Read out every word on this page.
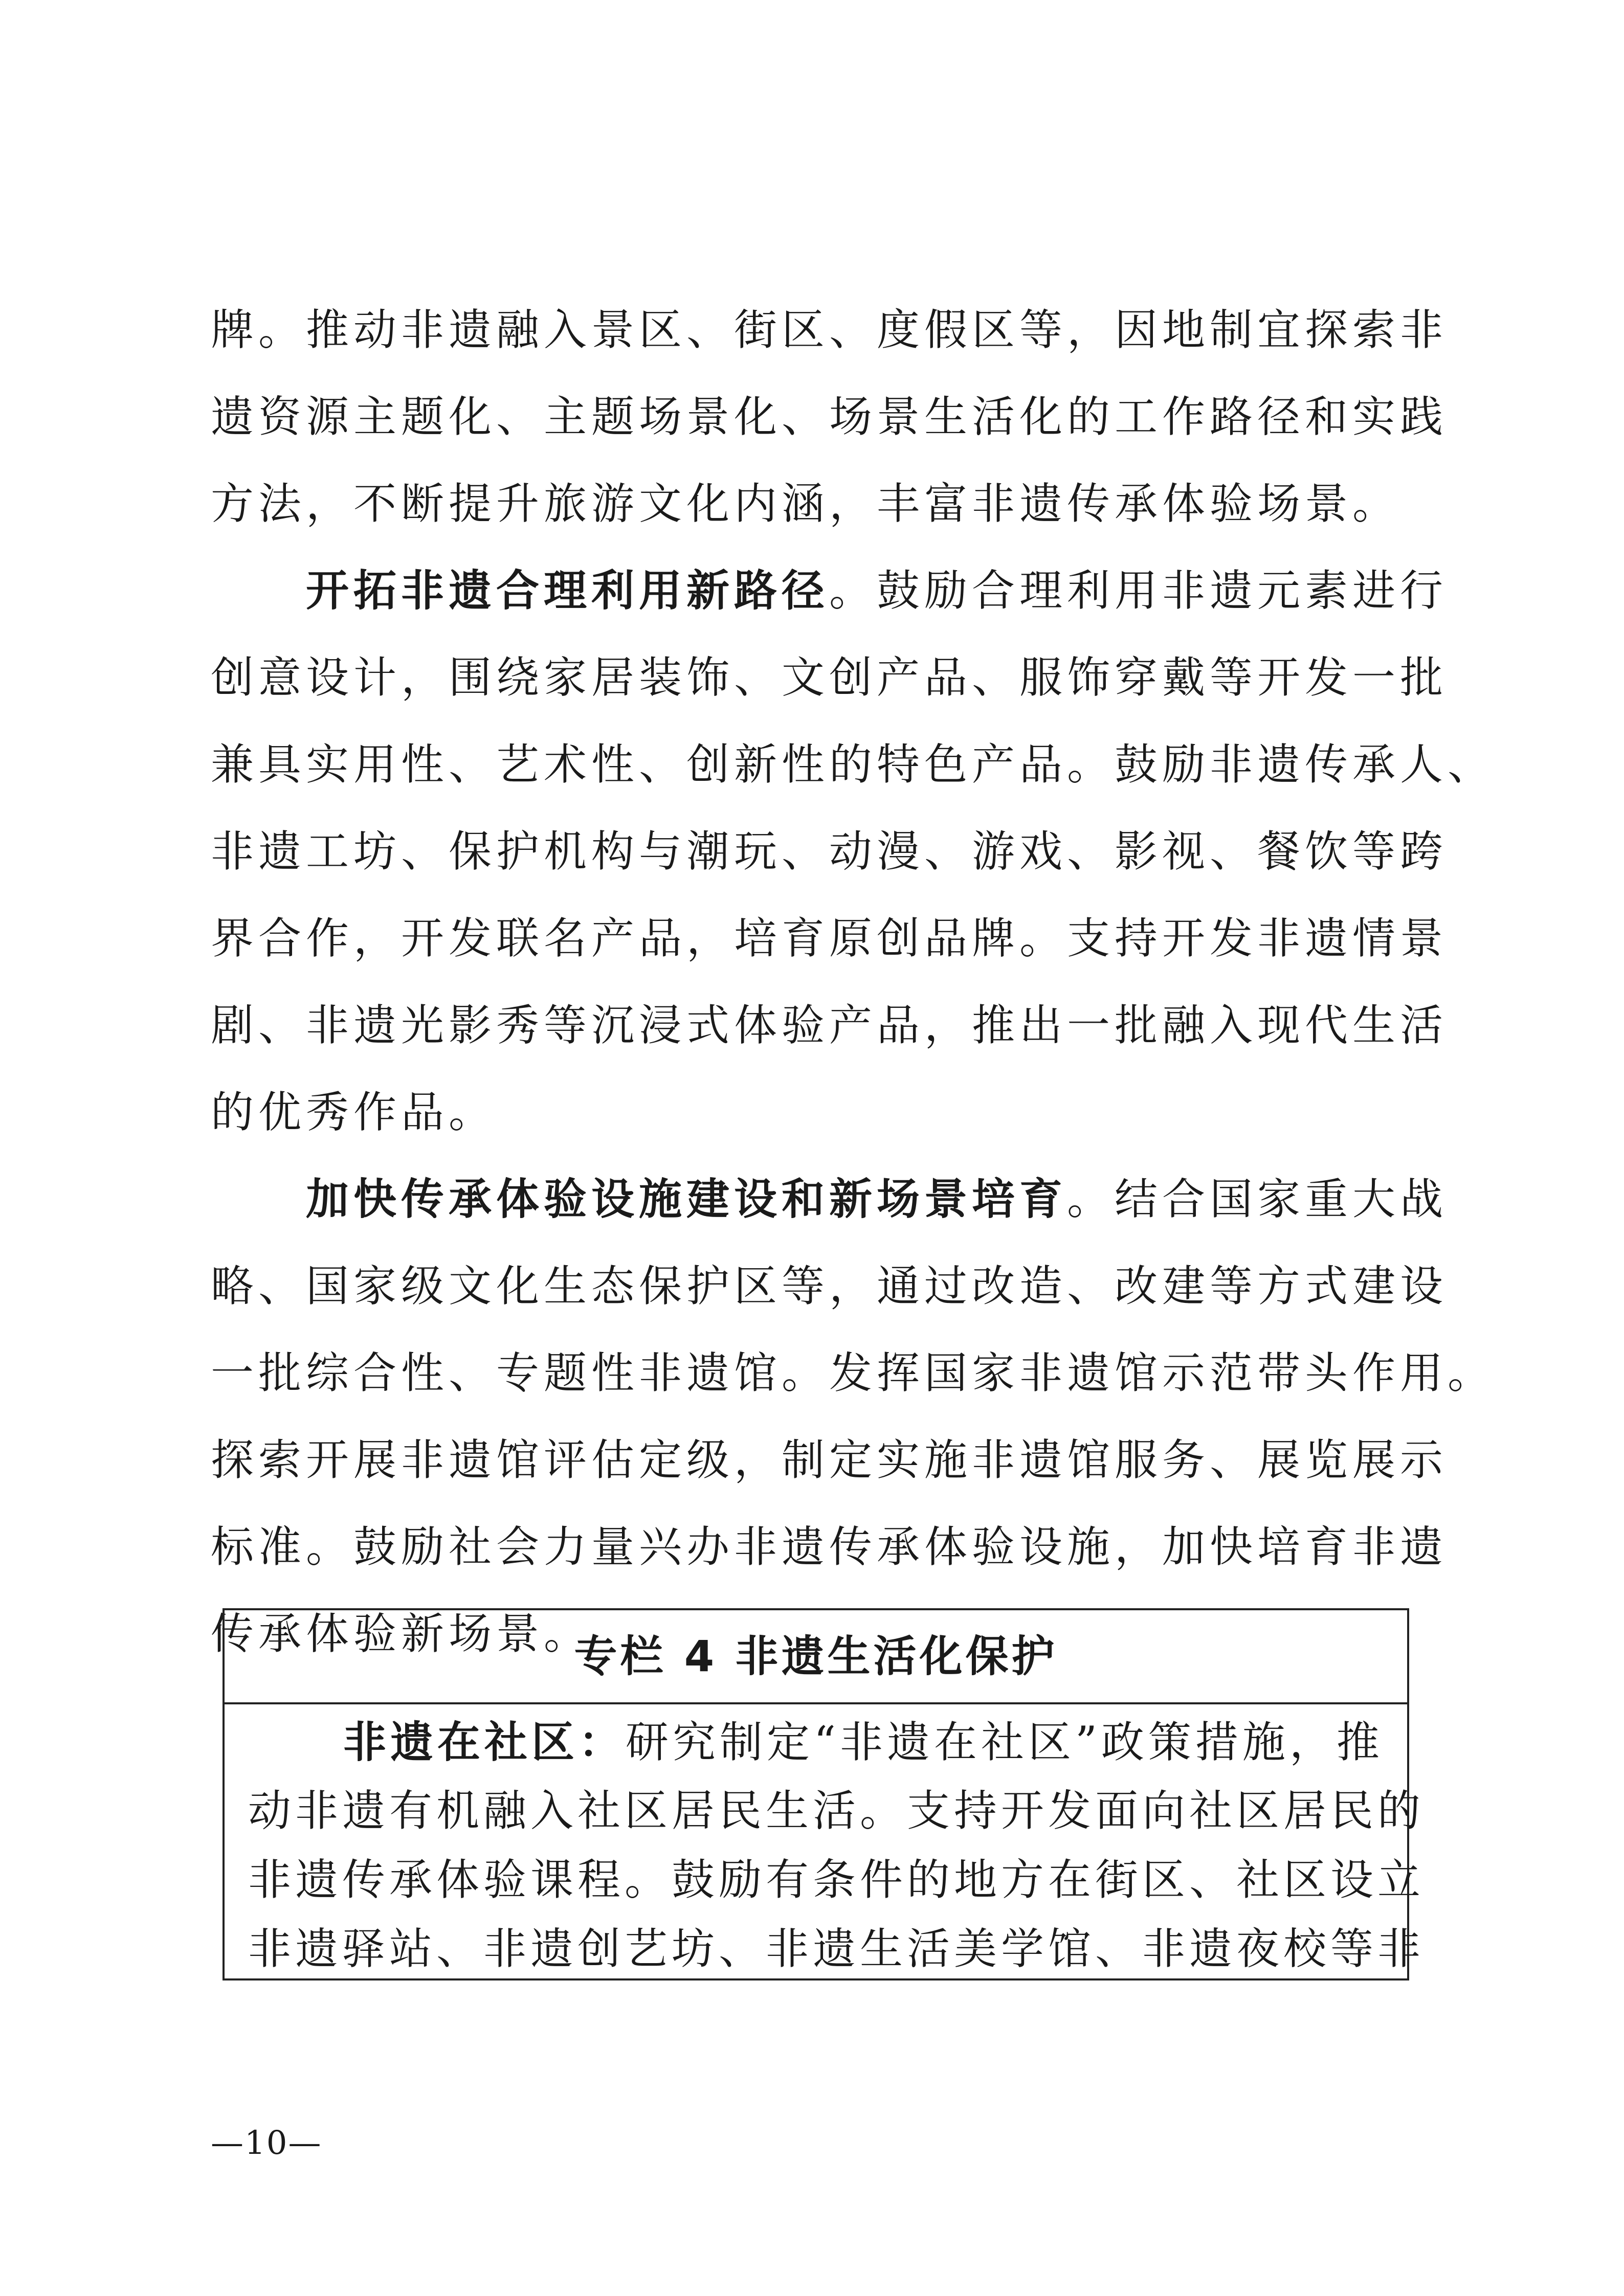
牌。推动非遗融入景区、街区、度假区等，因地制宜探索非
遗资源主题化、主题场景化、场景生活化的工作路径和实践
方法，不断提升旅游文化内涵，丰富非遗传承体验场景。
开拓非遗合理利用新路径。鼓励合理利用非遗元素进行
创意设计，围绕家居装饰、文创产品、服饰穿戴等开发一批
兼具实用性、艺术性、创新性的特色产品。鼓励非遗传承人、
非遗工坊、保护机构与潮玩、动漫、游戏、影视、餐饮等跨
界合作，开发联名产品，培育原创品牌。支持开发非遗情景
剧、非遗光影秀等沉浸式体验产品，推出一批融入现代生活
的优秀作品。
加快传承体验设施建设和新场景培育。结合国家重大战
略、国家级文化生态保护区等，通过改造、改建等方式建设
一批综合性、专题性非遗馆。发挥国家非遗馆示范带头作用。
探索开展非遗馆评估定级，制定实施非遗馆服务、展览展示
标准。鼓励社会力量兴办非遗传承体验设施，加快培育非遗
传承体验新场景。
专栏 4 非遗生活化保护
非遗在社区：研究制定“非遗在社区”政策措施，推
动非遗有机融入社区居民生活。支持开发面向社区居民的
非遗传承体验课程。鼓励有条件的地方在街区、社区设立
非遗驿站、非遗创艺坊、非遗生活美学馆、非遗夜校等非
—10—
